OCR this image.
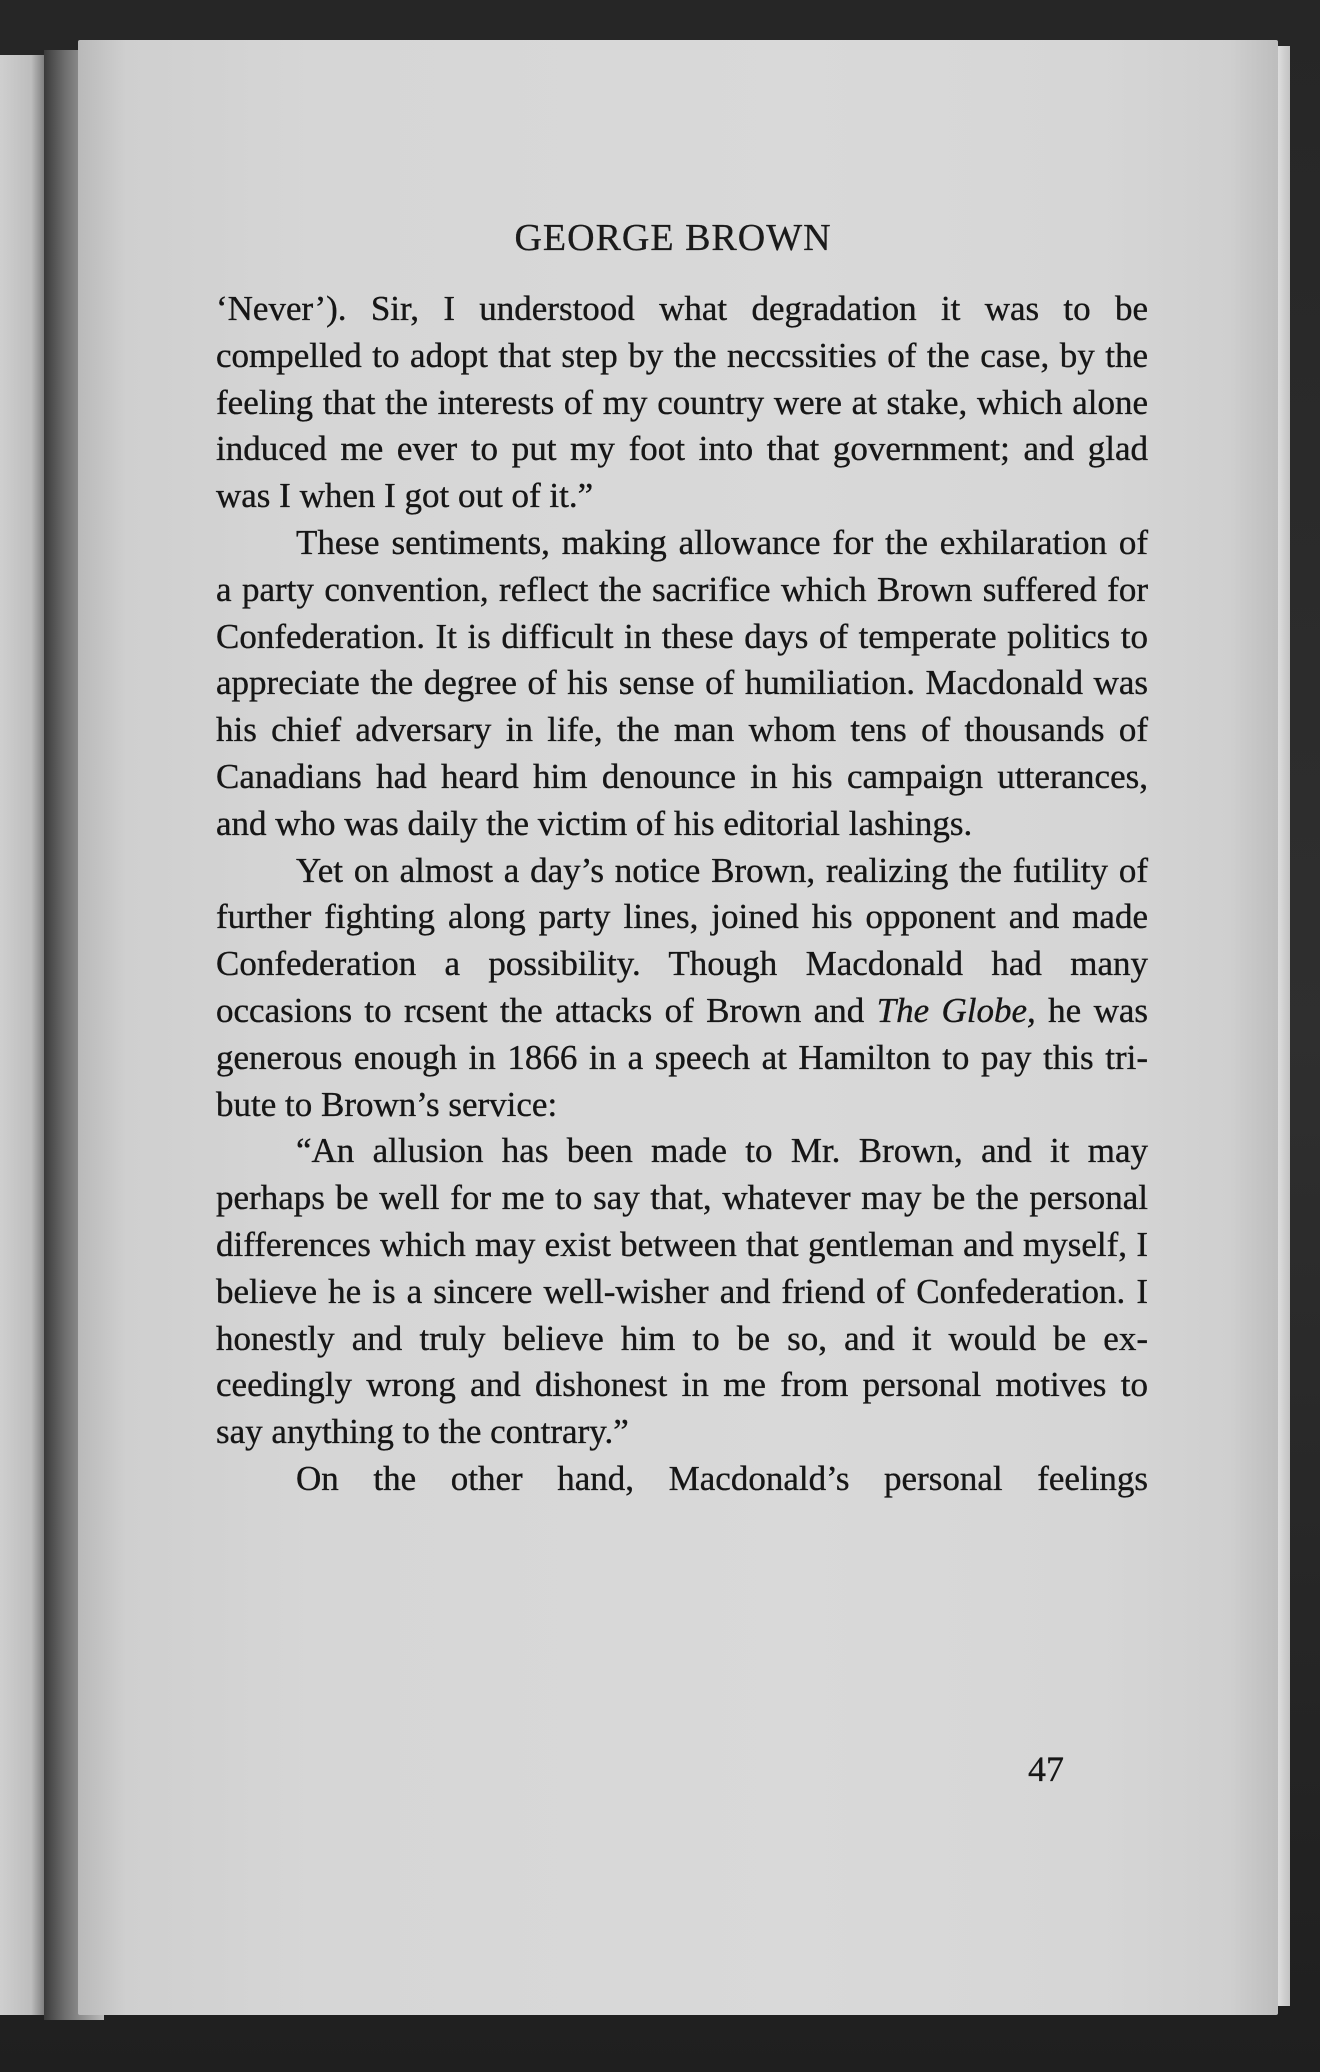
GEORGE BROWN

‘Never’). Sir, I understood what degradation it was to be compelled to adopt that step by the neccssities of the case, by the feeling that the interests of my country were at stake, which alone induced me ever to put my foot into that government; and glad was I when I got out of it.”

These sentiments, making allowance for the exhilaration of a party convention, reflect the sacrifice which Brown suffered for Confederation. It is difficult in these days of temperate politics to appreciate the degree of his sense of humiliation. Macdonald was his chief adversary in life, the man whom tens of thousands of Canadians had heard him denounce in his campaign utterances, and who was daily the victim of his editorial lashings.

Yet on almost a day’s notice Brown, realizing the futility of further fighting along party lines, joined his opponent and made Confederation a possibility. Though Macdonald had many occasions to rcsent the attacks of Brown and The Globe, he was generous enough in 1866 in a speech at Hamilton to pay this tribute to Brown’s service:

“An allusion has been made to Mr. Brown, and it may perhaps be well for me to say that, whatever may be the personal differences which may exist between that gentleman and myself, I believe he is a sincere well-wisher and friend of Confederation. I honestly and truly believe him to be so, and it would be exceedingly wrong and dishonest in me from personal motives to say anything to the contrary.”

On the other hand, Macdonald’s personal feelings

47
